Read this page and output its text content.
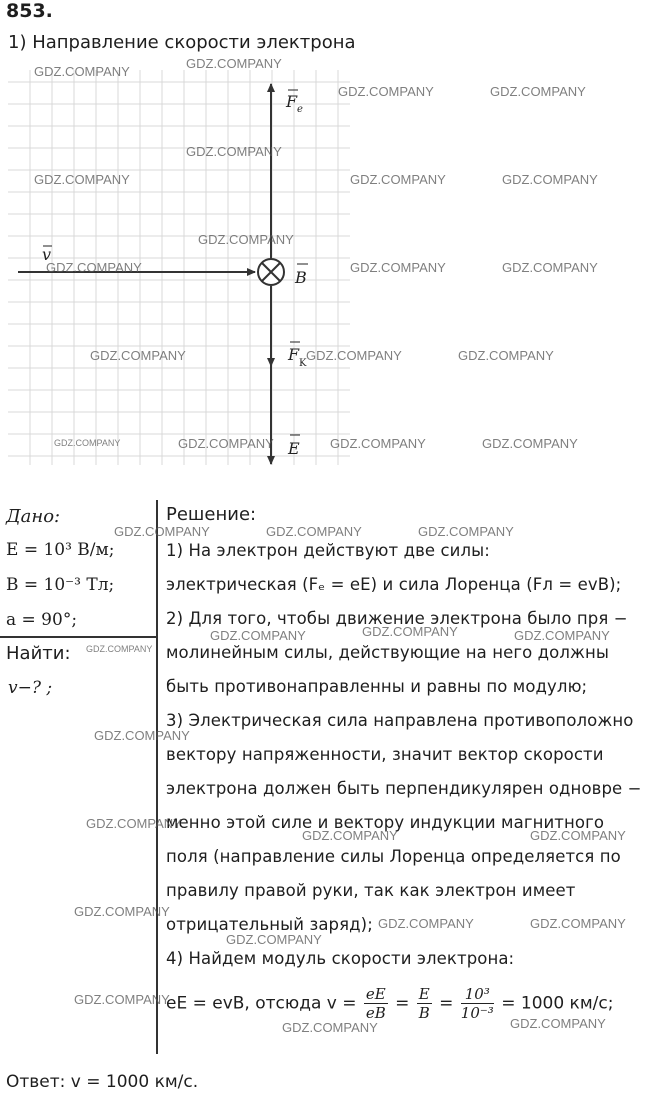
853.
1) Направление скорости электрона
F e
v
B
F K
E
Дано:
E = 10³ В/м;
B = 10⁻³ Тл;
a = 90°;
Найти:
v−? ;
Решение:
1) На электрон действуют две силы:
электрическая (Fₑ = eE) и сила Лоренца (Fл = evB);
2) Для того, чтобы движение электрона было пря −
молинейным силы, действующие на него должны
быть противонаправленны и равны по модулю;
3) Электрическая сила направлена противоположно
вектору напряженности, значит вектор скорости
электрона должен быть перпендикулярен одновре −
менно этой силе и вектору индукции магнитного
поля (направление силы Лоренца определяется по
правилу правой руки, так как электрон имеет
отрицательный заряд);
4) Найдем модуль скорости электрона:
eE = evB, отсюда $v = \frac{eE}{eB} = \frac{E}{B} = \frac{\text{10³}}{\text{10⁻³}} = 1000$ км/с;
Ответ: v = 1000 км/с.
GDZ.COMPANY
GDZ.COMPANY
GDZ.COMPANY	GDZ.COMPANY
GDZ.COMPANY
GDZ.COMPANY	GDZ.COMPANY	GDZ.COMPANY
GDZ.COMPANY
GDZ.COMPANY	GDZ.COMPANY	GDZ.COMPANY
GDZ.COMPANY	GDZ.COMPANY	GDZ.COMPANY
GDZ.COMPANY	GDZ.COMPANY	GDZ.COMPANY	GDZ.COMPANY
GDZ.COMPANY	GDZ.COMPANY	GDZ.COMPANY
GDZ.COMPANY	GDZ.COMPANY	GDZ.COMPANY
GDZ.COMPANY
GDZ.COMPANY
GDZ.COMPANY
GDZ.COMPANY	GDZ.COMPANY
GDZ.COMPANY
GDZ.COMPANY	GDZ.COMPANY
GDZ.COMPANY
GDZ.COMPANY
GDZ.COMPANY	GDZ.COMPANY
